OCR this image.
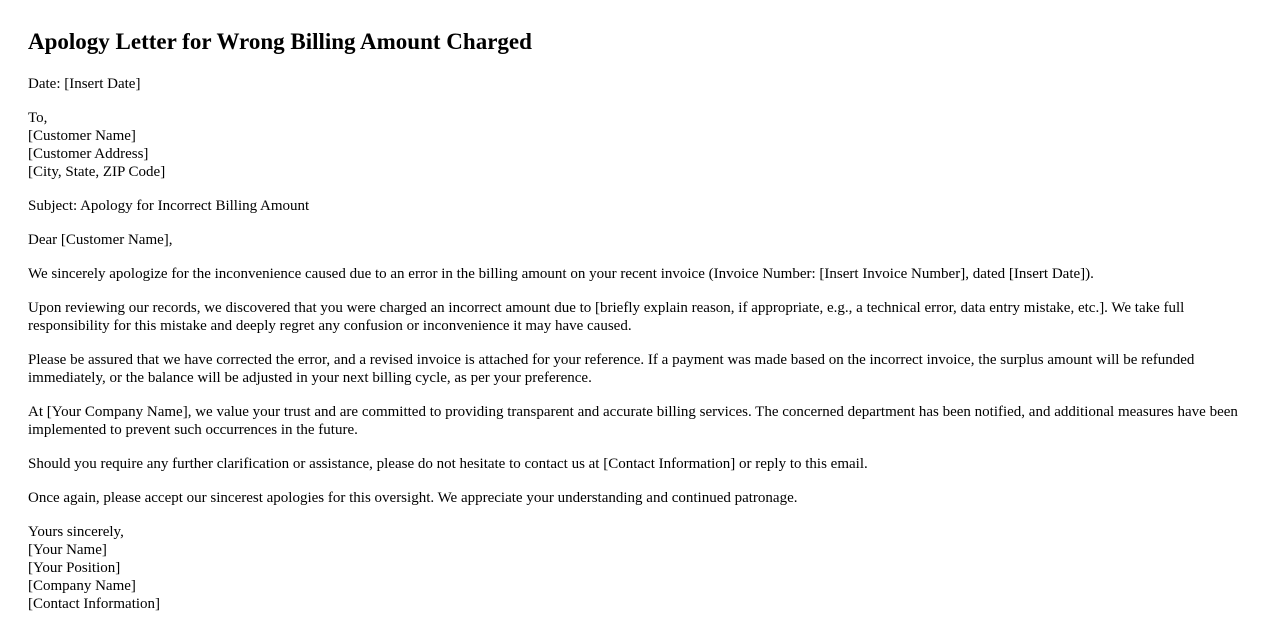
Apology Letter for Wrong Billing Amount Charged

Date: [Insert Date]

To,
[Customer Name]
[Customer Address]
[City, State, ZIP Code]

Subject: Apology for Incorrect Billing Amount

Dear [Customer Name],

We sincerely apologize for the inconvenience caused due to an error in the billing amount on your recent invoice (Invoice Number: [Insert Invoice Number], dated [Insert Date]).

Upon reviewing our records, we discovered that you were charged an incorrect amount due to [briefly explain reason, if appropriate, e.g., a technical error, data entry mistake, etc.]. We take full responsibility for this mistake and deeply regret any confusion or inconvenience it may have caused.

Please be assured that we have corrected the error, and a revised invoice is attached for your reference. If a payment was made based on the incorrect invoice, the surplus amount will be refunded immediately, or the balance will be adjusted in your next billing cycle, as per your preference.

At [Your Company Name], we value your trust and are committed to providing transparent and accurate billing services. The concerned department has been notified, and additional measures have been implemented to prevent such occurrences in the future.

Should you require any further clarification or assistance, please do not hesitate to contact us at [Contact Information] or reply to this email.

Once again, please accept our sincerest apologies for this oversight. We appreciate your understanding and continued patronage.

Yours sincerely,
[Your Name]
[Your Position]
[Company Name]
[Contact Information]
